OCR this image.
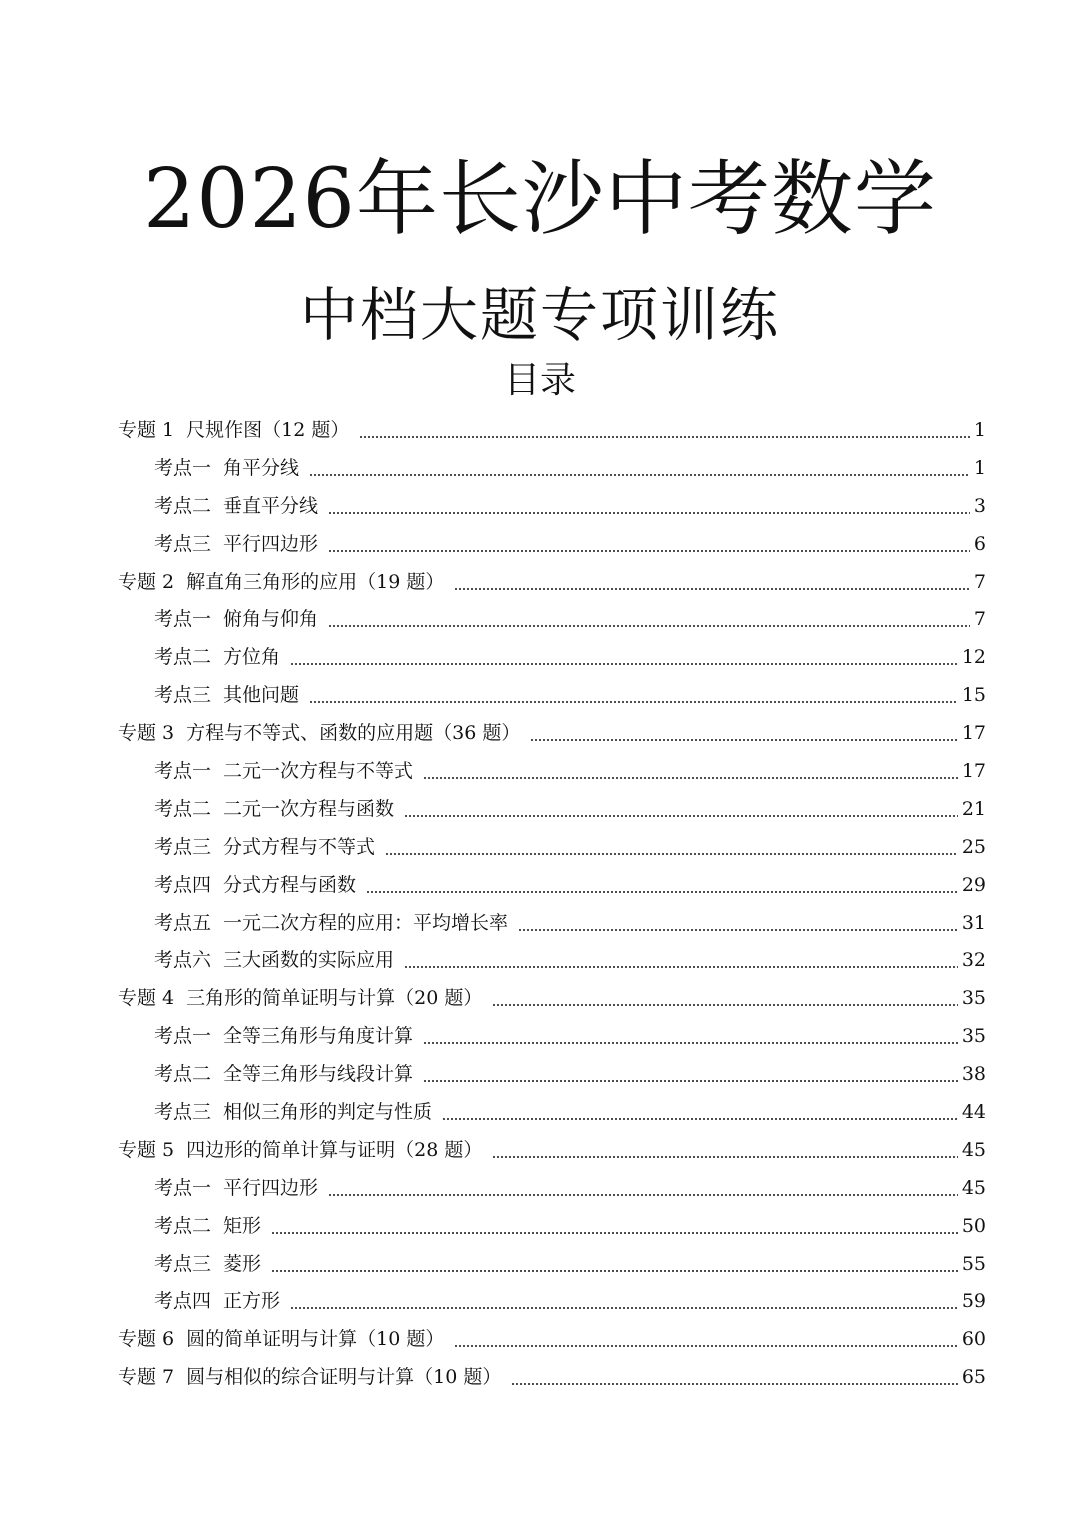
2026年长沙中考数学
中档大题专项训练
目录
专题 1 尺规作图（12 题）	1
考点一 角平分线	1
考点二 垂直平分线	3
考点三 平行四边形	6
专题 2 解直角三角形的应用（19 题）	7
考点一 俯角与仰角	7
考点二 方位角	12
考点三 其他问题	15
专题 3 方程与不等式、函数的应用题（36 题）	17
考点一 二元一次方程与不等式	17
考点二 二元一次方程与函数	21
考点三 分式方程与不等式	25
考点四 分式方程与函数	29
考点五 一元二次方程的应用：平均增长率	31
考点六 三大函数的实际应用	32
专题 4 三角形的简单证明与计算（20 题）	35
考点一 全等三角形与角度计算	35
考点二 全等三角形与线段计算	38
考点三 相似三角形的判定与性质	44
专题 5 四边形的简单计算与证明（28 题）	45
考点一 平行四边形	45
考点二 矩形	50
考点三 菱形	55
考点四 正方形	59
专题 6 圆的简单证明与计算（10 题）	60
专题 7 圆与相似的综合证明与计算（10 题）	65
